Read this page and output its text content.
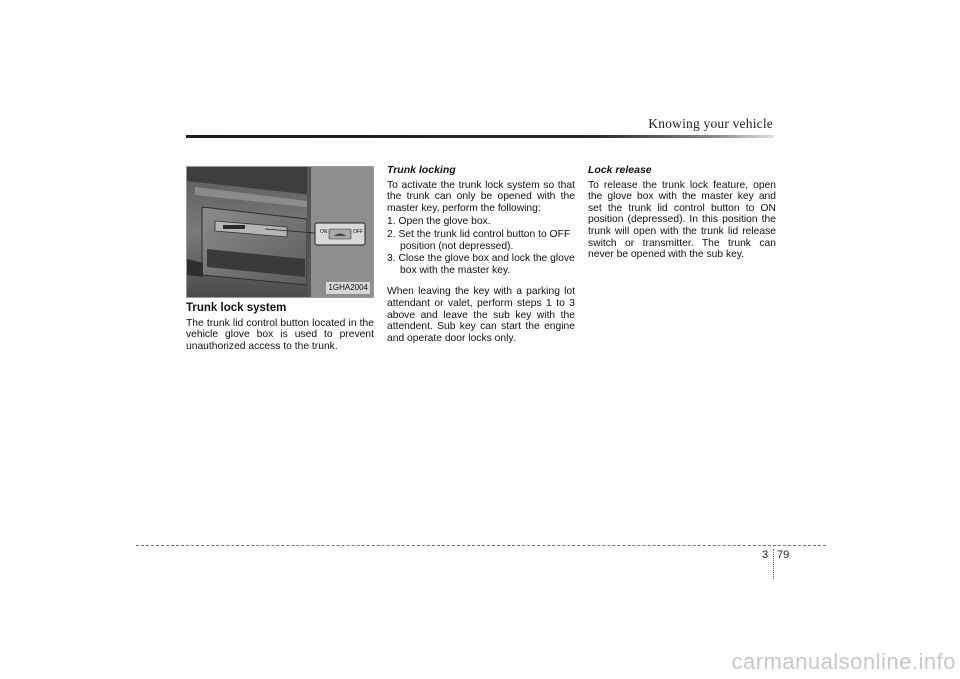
Knowing your vehicle
ON	OFF
1GHA2004
Trunk lock system

The trunk lid control button located in the vehicle glove box is used to prevent unauthorized access to the trunk.

Trunk locking

To activate the trunk lock system so that the trunk can only be opened with the master key, perform the following:

1. Open the glove box.
2. Set the trunk lid control button to OFF position (not depressed).
3. Close the glove box and lock the glove box with the master key.

When leaving the key with a parking lot attendant or valet, perform steps 1 to 3 above and leave the sub key with the attendent. Sub key can start the engine and operate door locks only.

Lock release

To release the trunk lock feature, open the glove box with the master key and set the trunk lid control button to ON position (depressed). In this position the trunk will open with the trunk lid release switch or transmitter. The trunk can never be opened with the sub key.

3 79
carmanualsonline.info
